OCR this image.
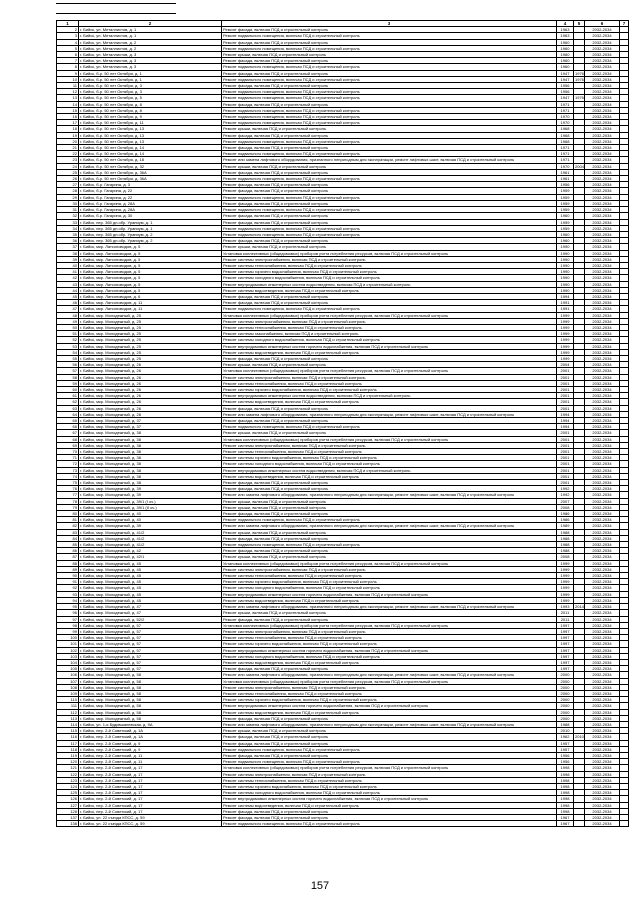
1	2	3	4	5	6	7
2	г. Бийск, ул. Металлистов, д. 1	Ремонт фасада, включая ПСД и строительный контроль	1963		2032-2034	
3	г. Бийск, ул. Металлистов, д. 1	Ремонт подвального помещения, включая ПСД и строительный контроль	1963		2032-2034	
4	г. Бийск, ул. Металлистов, д. 2	Ремонт фасада, включая ПСД и строительный контроль	1960		2032-2034	
5	г. Бийск, ул. Металлистов, д. 2	Ремонт подвального помещения, включая ПСД и строительный контроль	1960		2032-2034	
6	г. Бийск, ул. Металлистов, д. 3	Ремонт крыши, включая ПСД и строительный контроль	1960		2032-2034	
7	г. Бийск, ул. Металлистов, д. 3	Ремонт фасада, включая ПСД и строительный контроль	1960		2032-2034	
8	г. Бийск, ул. Металлистов, д. 3	Ремонт подвального помещения, включая ПСД и строительный контроль	1960		2032-2034	
9	г. Бийск, б-р. 50 лет Октября, д. 1	Ремонт фасада, включая ПСД и строительный контроль	1947	1976	2032-2034	
10	г. Бийск, б-р. 50 лет Октября, д. 1	Ремонт подвального помещения, включая ПСД и строительный контроль	1947	1976	2032-2034	
11	г. Бийск, б-р. 50 лет Октября, д. 3	Ремонт фасада, включая ПСД и строительный контроль	1956		2032-2034	
12	г. Бийск, б-р. 50 лет Октября, д. 3	Ремонт подвального помещения, включая ПСД и строительный контроль	1956		2032-2034	
13	г. Бийск, б-р. 50 лет Октября, д. 5	Ремонт подвального помещения, включая ПСД и строительный контроль	1947	1976	2032-2034	
14	г. Бийск, б-р. 50 лет Октября, д. 8	Ремонт фасада, включая ПСД и строительный контроль	1971		2032-2034	
15	г. Бийск, б-р. 50 лет Октября, д. 8	Ремонт подвального помещения, включая ПСД и строительный контроль	1971		2032-2034	
16	г. Бийск, б-р. 50 лет Октября, д. 9	Ремонт подвального помещения, включая ПСД и строительный контроль	1970		2032-2034	
17	г. Бийск, б-р. 50 лет Октября, д. 11	Ремонт подвального помещения, включая ПСД и строительный контроль	1970		2032-2034	
18	г. Бийск, б-р. 50 лет Октября, д. 13	Ремонт крыши, включая ПСД и строительный контроль	1968		2032-2034	
19	г. Бийск, б-р. 50 лет Октября, д. 13	Ремонт фасада, включая ПСД и строительный контроль	1968		2032-2034	
20	г. Бийск, б-р. 50 лет Октября, д. 13	Ремонт подвального помещения, включая ПСД и строительный контроль	1968		2032-2034	
21	г. Бийск, б-р. 50 лет Октября, д. 14	Ремонт фасада, включая ПСД и строительный контроль	1971		2032-2034	
22	г. Бийск, б-р. 50 лет Октября, д. 14	Ремонт подвального помещения, включая ПСД и строительный контроль	1971		2032-2034	
23	г. Бийск, б-р. 50 лет Октября, д. 18	Ремонт или замена лифтового оборудования, признанного непригодным для эксплуатации, ремонт лифтовых шахт, включая ПСД и строительный контроль	1971		2032-2034	
24	г. Бийск, б-р. 50 лет Октября, д. 32	Ремонт крыши, включая ПСД и строительный контроль	1970	2004	2032-2034	
25	г. Бийск, б-р. 50 лет Октября, д. 36А	Ремонт фасада, включая ПСД и строительный контроль	1961		2032-2034	
26	г. Бийск, б-р. 50 лет Октября, д. 36А	Ремонт подвального помещения, включая ПСД и строительный контроль	1961		2032-2034	
27	г. Бийск, б-р. Гагарина, д. 3	Ремонт фасада, включая ПСД и строительный контроль	1956		2032-2034	
28	г. Бийск, б-р. Гагарина, д. 22	Ремонт фасада, включая ПСД и строительный контроль	1959		2032-2034	
29	г. Бийск, б-р. Гагарина, д. 22	Ремонт подвального помещения, включая ПСД и строительный контроль	1959		2032-2034	
30	г. Бийск, б-р. Гагарина, д. 28А	Ремонт фасада, включая ПСД и строительный контроль	1959		2032-2034	
31	г. Бийск, б-р. Гагарина, д. 28А	Ремонт подвального помещения, включая ПСД и строительный контроль	1959		2032-2034	
32	г. Бийск, б-р. Гагарина, д. 30	Ремонт фасада, включая ПСД и строительный контроль	1960		2032-2034	
33	г. Бийск, пер. 365 дн.обр. Ураниум, д. 1	Ремонт фасада, включая ПСД и строительный контроль	1959		2032-2034	
34	г. Бийск, пер. 365 дн.обр. Ураниум, д. 1	Ремонт подвального помещения, включая ПСД и строительный контроль	1959		2032-2034	
35	г. Бийск, пер. 365 дн.обр. Ураниум, д. 2	Ремонт подвального помещения, включая ПСД и строительный контроль	1960		2032-2034	
36	г. Бийск, пер. 365 дн.обр. Ураниум, д. 2	Ремонт фасада, включая ПСД и строительный контроль	1960		2032-2034	
37	г. Бийск, мкр. Латсоповодов, д. 5	Ремонт крыши, включая ПСД и строительный контроль	1990		2032-2034	
38	г. Бийск, мкр. Латсоповодов, д. 5	Установка коллективных (общедомовых) приборов учета потребления ресурсов, включая ПСД и строительный контроль	1990		2032-2034	
39	г. Бийск, мкр. Латсоповодов, д. 5	Ремонт системы электроснабжения, включая ПСД и строительный контроль	1990		2032-2034	
40	г. Бийск, мкр. Латсоповодов, д. 5	Ремонт системы теплоснабжения, включая ПСД и строительный контроль	1990		2032-2034	
41	г. Бийск, мкр. Латсоповодов, д. 5	Ремонт системы горячего водоснабжения, включая ПСД и строительный контроль	1990		2032-2034	
42	г. Бийск, мкр. Латсоповодов, д. 5	Ремонт системы холодного водоснабжения, включая ПСД и строительный контроль	1990		2032-2034	
43	г. Бийск, мкр. Латсоповодов, д. 5	Ремонт внутридомовых инженерных систем водоотведения, включая ПСД и строительный контроль	1990		2032-2034	
44	г. Бийск, мкр. Латсоповодов, д. 5	Ремонт системы водоотведения, включая ПСД и строительный контроль	1990		2032-2034	
45	г. Бийск, мкр. Латсоповодов, д. 6	Ремонт фасада, включая ПСД и строительный контроль	1994		2032-2034	
46	г. Бийск, мкр. Латсоповодов, д. 11	Ремонт фасада, включая ПСД и строительный контроль	1991		2032-2034	
47	г. Бийск, мкр. Латсоповодов, д. 11	Ремонт подвального помещения, включая ПСД и строительный контроль	1991		2032-2034	
48	г. Бийск, мкр. Молодежный, д. 25	Установка коллективных (общедомовых) приборов учета потребления ресурсов, включая ПСД и строительный контроль	1999		2032-2034	
49	г. Бийск, мкр. Молодежный, д. 25	Ремонт системы электроснабжения, включая ПСД и строительный контроль	1999		2032-2034	
50	г. Бийск, мкр. Молодежный, д. 25	Ремонт системы теплоснабжения, включая ПСД и строительный контроль	1999		2032-2034	
51	г. Бийск, мкр. Молодежный, д. 25	Ремонт системы газоснабжения, включая ПСД и строительный контроль	1999		2032-2034	
52	г. Бийск, мкр. Молодежный, д. 25	Ремонт системы холодного водоснабжения, включая ПСД и строительный контроль	1999		2032-2034	
53	г. Бийск, мкр. Молодежный, д. 25	Ремонт внутридомовых инженерных систем горячего водоснабжения, включая ПСД и строительный контроль	1999		2032-2034	
54	г. Бийск, мкр. Молодежный, д. 25	Ремонт системы водоотведения, включая ПСД и строительный контроль	1999		2032-2034	
55	г. Бийск, мкр. Молодежный, д. 25	Ремонт фасада, включая ПСД и строительный контроль	1999		2032-2034	
56	г. Бийск, мкр. Молодежный, д. 26	Ремонт крыши, включая ПСД и строительный контроль	2004		2032-2034	
57	г. Бийск, мкр. Молодежный, д. 26	Установка коллективных (общедомовых) приборов учета потребления ресурсов, включая ПСД и строительный контроль	2001		2032-2034	
58	г. Бийск, мкр. Молодежный, д. 26	Ремонт системы электроснабжения, включая ПСД и строительный контроль	2001		2032-2034	
59	г. Бийск, мкр. Молодежный, д. 26	Ремонт системы теплоснабжения, включая ПСД и строительный контроль	2001		2032-2034	
60	г. Бийск, мкр. Молодежный, д. 26	Ремонт системы горячего водоснабжения, включая ПСД и строительный контроль	2001		2032-2034	
61	г. Бийск, мкр. Молодежный, д. 26	Ремонт внутридомовых инженерных систем водоотведения, включая ПСД и строительный контроль	2001		2032-2034	
62	г. Бийск, мкр. Молодежный, д. 26	Ремонт системы водоотведения, включая ПСД и строительный контроль	2001		2032-2034	
63	г. Бийск, мкр. Молодежный, д. 26	Ремонт фасада, включая ПСД и строительный контроль	2001		2032-2034	
64	г. Бийск, мкр. Молодежный, д. 28	Ремонт или замена лифтового оборудования, признанного непригодным для эксплуатации, ремонт лифтовых шахт, включая ПСД и строительный контроль	1994		2032-2034	
65	г. Бийск, мкр. Молодежный, д. 37	Ремонт фасада, включая ПСД и строительный контроль	1994		2032-2034	
66	г. Бийск, мкр. Молодежный, д. 37	Ремонт подвального помещения, включая ПСД и строительный контроль	1994		2032-2034	
67	г. Бийск, мкр. Молодежный, д. 38	Ремонт крыши, включая ПСД и строительный контроль	2001		2032-2034	
68	г. Бийск, мкр. Молодежный, д. 38	Установка коллективных (общедомовых) приборов учета потребления ресурсов, включая ПСД и строительный контроль	2001		2032-2034	
69	г. Бийск, мкр. Молодежный, д. 38	Ремонт системы электроснабжения, включая ПСД и строительный контроль	2001		2032-2034	
70	г. Бийск, мкр. Молодежный, д. 38	Ремонт системы теплоснабжения, включая ПСД и строительный контроль	2001		2032-2034	
71	г. Бийск, мкр. Молодежный, д. 38	Ремонт системы горячего водоснабжения, включая ПСД и строительный контроль	2001		2032-2034	
72	г. Бийск, мкр. Молодежный, д. 38	Ремонт системы холодного водоснабжения, включая ПСД и строительный контроль	2001		2032-2034	
73	г. Бийск, мкр. Молодежный, д. 38	Ремонт внутридомовых инженерных систем водоотведения, включая ПСД и строительный контроль	2001		2032-2034	
74	г. Бийск, мкр. Молодежный, д. 38	Ремонт системы водоотведения, включая ПСД и строительный контроль	2001		2032-2034	
75	г. Бийск, мкр. Молодежный, д. 38	Ремонт фасада, включая ПСД и строительный контроль	2001		2032-2034	
76	г. Бийск, мкр. Молодежный, д. 39	Ремонт фасада, включая ПСД и строительный контроль	1992		2032-2034	
77	г. Бийск, мкр. Молодежный, д. 39	Ремонт или замена лифтового оборудования, признанного непригодным для эксплуатации, ремонт лифтовых шахт, включая ПСД и строительный контроль	1992		2032-2034	
78	г. Бийск, мкр. Молодежный, д. 39/1 (I оч.)	Ремонт крыши, включая ПСД и строительный контроль	2007		2032-2034	
79	г. Бийск, мкр. Молодежный, д. 39/1 (II оч.)	Ремонт крыши, включая ПСД и строительный контроль	2008		2032-2034	
80	г. Бийск, мкр. Молодежный, д. 40	Ремонт фасада, включая ПСД и строительный контроль	1986		2032-2034	
81	г. Бийск, мкр. Молодежный, д. 40	Ремонт подвального помещения, включая ПСД и строительный контроль	1986		2032-2034	
82	г. Бийск, мкр. Молодежный, д. 39	Ремонт или замена лифтового оборудования, признанного непригодным для эксплуатации, ремонт лифтовых шахт, включая ПСД и строительный контроль	1989		2032-2034	
83	г. Бийск, мкр. Молодежный, д. 41/2	Ремонт крыши, включая ПСД и строительный контроль	1988		2032-2034	
84	г. Бийск, мкр. Молодежный, д. 41/2	Ремонт фасада, включая ПСД и строительный контроль	1988		2032-2034	
85	г. Бийск, мкр. Молодежный, д. 41/2	Ремонт подвального помещения, включая ПСД и строительный контроль	1988		2032-2034	
86	г. Бийск, мкр. Молодежный, д. 42	Ремонт фасада, включая ПСД и строительный контроль	1988		2032-2034	
87	г. Бийск, мкр. Молодежный, д. 42/1	Ремонт крыши, включая ПСД и строительный контроль	2008		2032-2034	
88	г. Бийск, мкр. Молодежный, д. 45	Установка коллективных (общедомовых) приборов учета потребления ресурсов, включая ПСД и строительный контроль	1999		2032-2034	
89	г. Бийск, мкр. Молодежный, д. 45	Ремонт системы электроснабжения, включая ПСД и строительный контроль	1999		2032-2034	
90	г. Бийск, мкр. Молодежный, д. 45	Ремонт системы теплоснабжения, включая ПСД и строительный контроль	1999		2032-2034	
91	г. Бийск, мкр. Молодежный, д. 45	Ремонт системы горячего водоснабжения, включая ПСД и строительный контроль	1999		2032-2034	
92	г. Бийск, мкр. Молодежный, д. 45	Ремонт системы холодного водоснабжения, включая ПСД и строительный контроль	1999		2032-2034	
93	г. Бийск, мкр. Молодежный, д. 45	Ремонт внутридомовых инженерных систем горячего водоснабжения, включая ПСД и строительный контроль	1999		2032-2034	
94	г. Бийск, мкр. Молодежный, д. 45	Ремонт системы водоотведения, включая ПСД и строительный контроль	1999		2032-2034	
95	г. Бийск, мкр. Молодежный, д. 47	Ремонт или замена лифтового оборудования, признанного непригодным для эксплуатации, ремонт лифтовых шахт, включая ПСД и строительный контроль	1993	2014	2032-2034	
96	г. Бийск, мкр. Молодежный, д. 47	Ремонт крыши, включая ПСД и строительный контроль	2011		2032-2034	
97	г. Бийск, мкр. Молодежный, д. 52/2	Ремонт фасада, включая ПСД и строительный контроль	2011		2032-2034	
98	г. Бийск, мкр. Молодежный, д. 57	Установка коллективных (общедомовых) приборов учета потребления ресурсов, включая ПСД и строительный контроль	1997		2032-2034	
99	г. Бийск, мкр. Молодежный, д. 57	Ремонт системы электроснабжения, включая ПСД и строительный контроль	1997		2032-2034	
100	г. Бийск, мкр. Молодежный, д. 57	Ремонт системы теплоснабжения, включая ПСД и строительный контроль	1997		2032-2034	
101	г. Бийск, мкр. Молодежный, д. 57	Ремонт системы горячего водоснабжения, включая ПСД и строительный контроль	1997		2032-2034	
102	г. Бийск, мкр. Молодежный, д. 57	Ремонт внутридомовых инженерных систем горячего водоснабжения, включая ПСД и строительный контроль	1997		2032-2034	
103	г. Бийск, мкр. Молодежный, д. 57	Ремонт системы холодного водоснабжения, включая ПСД и строительный контроль	1997		2032-2034	
104	г. Бийск, мкр. Молодежный, д. 57	Ремонт системы водоотведения, включая ПСД и строительный контроль	1997		2032-2034	
105	г. Бийск, мкр. Молодежный, д. 57	Ремонт фасада, включая ПСД и строительный контроль	1997		2032-2034	
106	г. Бийск, мкр. Молодежный, д. 58	Ремонт или замена лифтового оборудования, признанного непригодным для эксплуатации, ремонт лифтовых шахт, включая ПСД и строительный контроль	2000		2032-2034	
107	г. Бийск, мкр. Молодежный, д. 58	Установка коллективных (общедомовых) приборов учета потребления ресурсов, включая ПСД и строительный контроль	2000		2032-2034	
108	г. Бийск, мкр. Молодежный, д. 58	Ремонт системы электроснабжения, включая ПСД и строительный контроль	2000		2032-2034	
109	г. Бийск, мкр. Молодежный, д. 58	Ремонт системы теплоснабжения, включая ПСД и строительный контроль	2000		2032-2034	
110	г. Бийск, мкр. Молодежный, д. 58	Ремонт системы горячего водоснабжения, включая ПСД и строительный контроль	2000		2032-2034	
111	г. Бийск, мкр. Молодежный, д. 58	Ремонт внутридомовых инженерных систем горячего водоснабжения, включая ПСД и строительный контроль	2000		2032-2034	
112	г. Бийск, мкр. Молодежный, д. 58	Ремонт системы водоотведения, включая ПСД и строительный контроль	2000		2032-2034	
113	г. Бийск, мкр. Молодежный, д. 58	Ремонт фасада, включая ПСД и строительный контроль	2000		2032-2034	
114	г. Бийск, ул. 1-я Будившаневская, д. 9А	Ремонт или замена лифтового оборудования, признанного непригодным для эксплуатации, ремонт лифтовых шахт, включая ПСД и строительный контроль	1988		2032-2034	
115	г. Бийск, пер. 2-й Советский, д. 1А	Ремонт крыши, включая ПСД и строительный контроль	2010		2032-2034	
116	г. Бийск, пер. 2-й Советский, д. 1А	Ремонт фасада, включая ПСД и строительный контроль	1962	2010	2032-2034	
117	г. Бийск, пер. 2-й Советский, д. 9	Ремонт фасада, включая ПСД и строительный контроль	1957		2032-2034	
118	г. Бийск, пер. 2-й Советский, д. 9	Ремонт подвального помещения, включая ПСД и строительный контроль	1957		2032-2034	
119	г. Бийск, пер. 2-й Советский, д. 11	Ремонт фасада, включая ПСД и строительный контроль	1956		2032-2034	
120	г. Бийск, пер. 2-й Советский, д. 11	Ремонт подвального помещения, включая ПСД и строительный контроль	1956		2032-2034	
121	г. Бийск, пер. 2-й Советский, д. 17	Установка коллективных (общедомовых) приборов учета потребления ресурсов, включая ПСД и строительный контроль	1998		2032-2034	
122	г. Бийск, пер. 2-й Советский, д. 17	Ремонт системы электроснабжения, включая ПСД и строительный контроль	1998		2032-2034	
123	г. Бийск, пер. 2-й Советский, д. 17	Ремонт системы теплоснабжения, включая ПСД и строительный контроль	1998		2032-2034	
124	г. Бийск, пер. 2-й Советский, д. 17	Ремонт системы горячего водоснабжения, включая ПСД и строительный контроль	1998		2032-2034	
125	г. Бийск, пер. 2-й Советский, д. 17	Ремонт системы холодного водоснабжения, включая ПСД и строительный контроль	1998		2032-2034	
126	г. Бийск, пер. 2-й Советский, д. 17	Ремонт внутридомовых инженерных систем горячего водоснабжения, включая ПСД и строительный контроль	1998		2032-2034	
127	г. Бийск, пер. 2-й Советский, д. 17	Ремонт системы водоотведения, включая ПСД и строительный контроль	1998		2032-2034	
128	г. Бийск, пер. 2-й Советский, д. 17	Ремонт фасада, включая ПСД и строительный контроль	1998		2032-2034	
137	г. Бийск, ул. 22 съезда КПСС, д. 59	Ремонт фасада, включая ПСД и строительный контроль	1967		2032-2034	
138	г. Бийск, ул. 22 съезда КПСС, д. 59	Ремонт подвального помещения, включая ПСД и строительный контроль	1967		2032-2034	
157
